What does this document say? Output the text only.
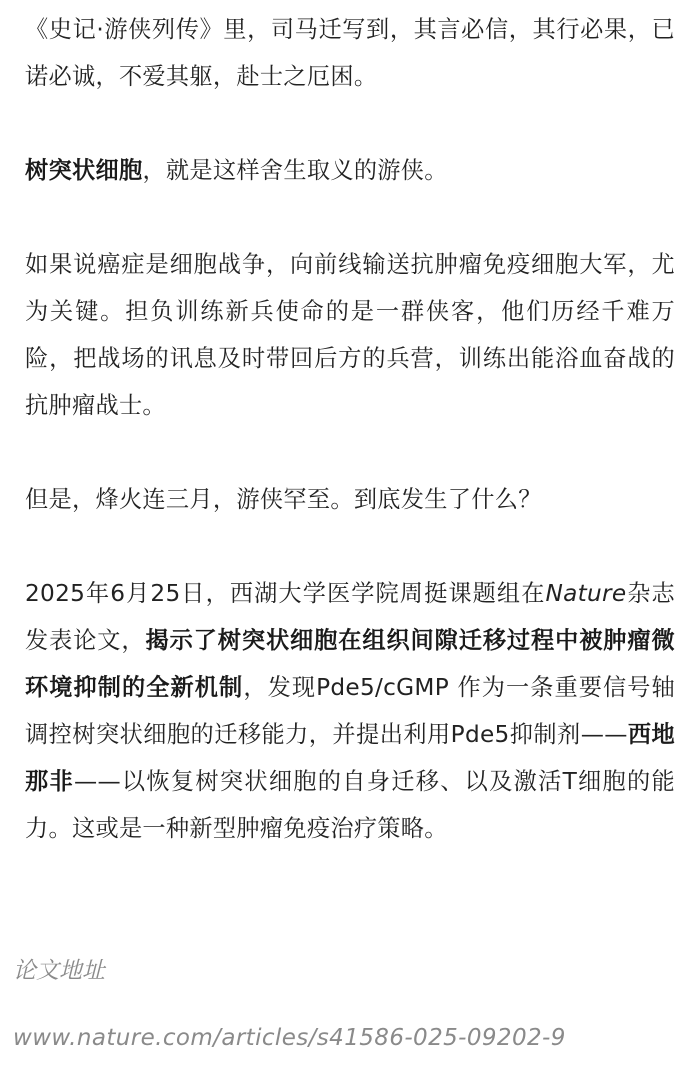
《史记·游侠列传》里，司马迁写到，其言必信，其行必果，已诺必诚，不爱其躯，赴士之厄困。

树突状细胞，就是这样舍生取义的游侠。

如果说癌症是细胞战争，向前线输送抗肿瘤免疫细胞大军，尤为关键。担负训练新兵使命的是一群侠客，他们历经千难万险，把战场的讯息及时带回后方的兵营，训练出能浴血奋战的抗肿瘤战士。

但是，烽火连三月，游侠罕至。到底发生了什么？

2025年6月25日，西湖大学医学院周挺课题组在Nature杂志发表论文，揭示了树突状细胞在组织间隙迁移过程中被肿瘤微环境抑制的全新机制，发现Pde5/cGMP 作为一条重要信号轴调控树突状细胞的迁移能力，并提出利用Pde5抑制剂——西地那非——以恢复树突状细胞的自身迁移、以及激活T细胞的能力。这或是一种新型肿瘤免疫治疗策略。

论文地址

www.nature.com/articles/s41586-025-09202-9
